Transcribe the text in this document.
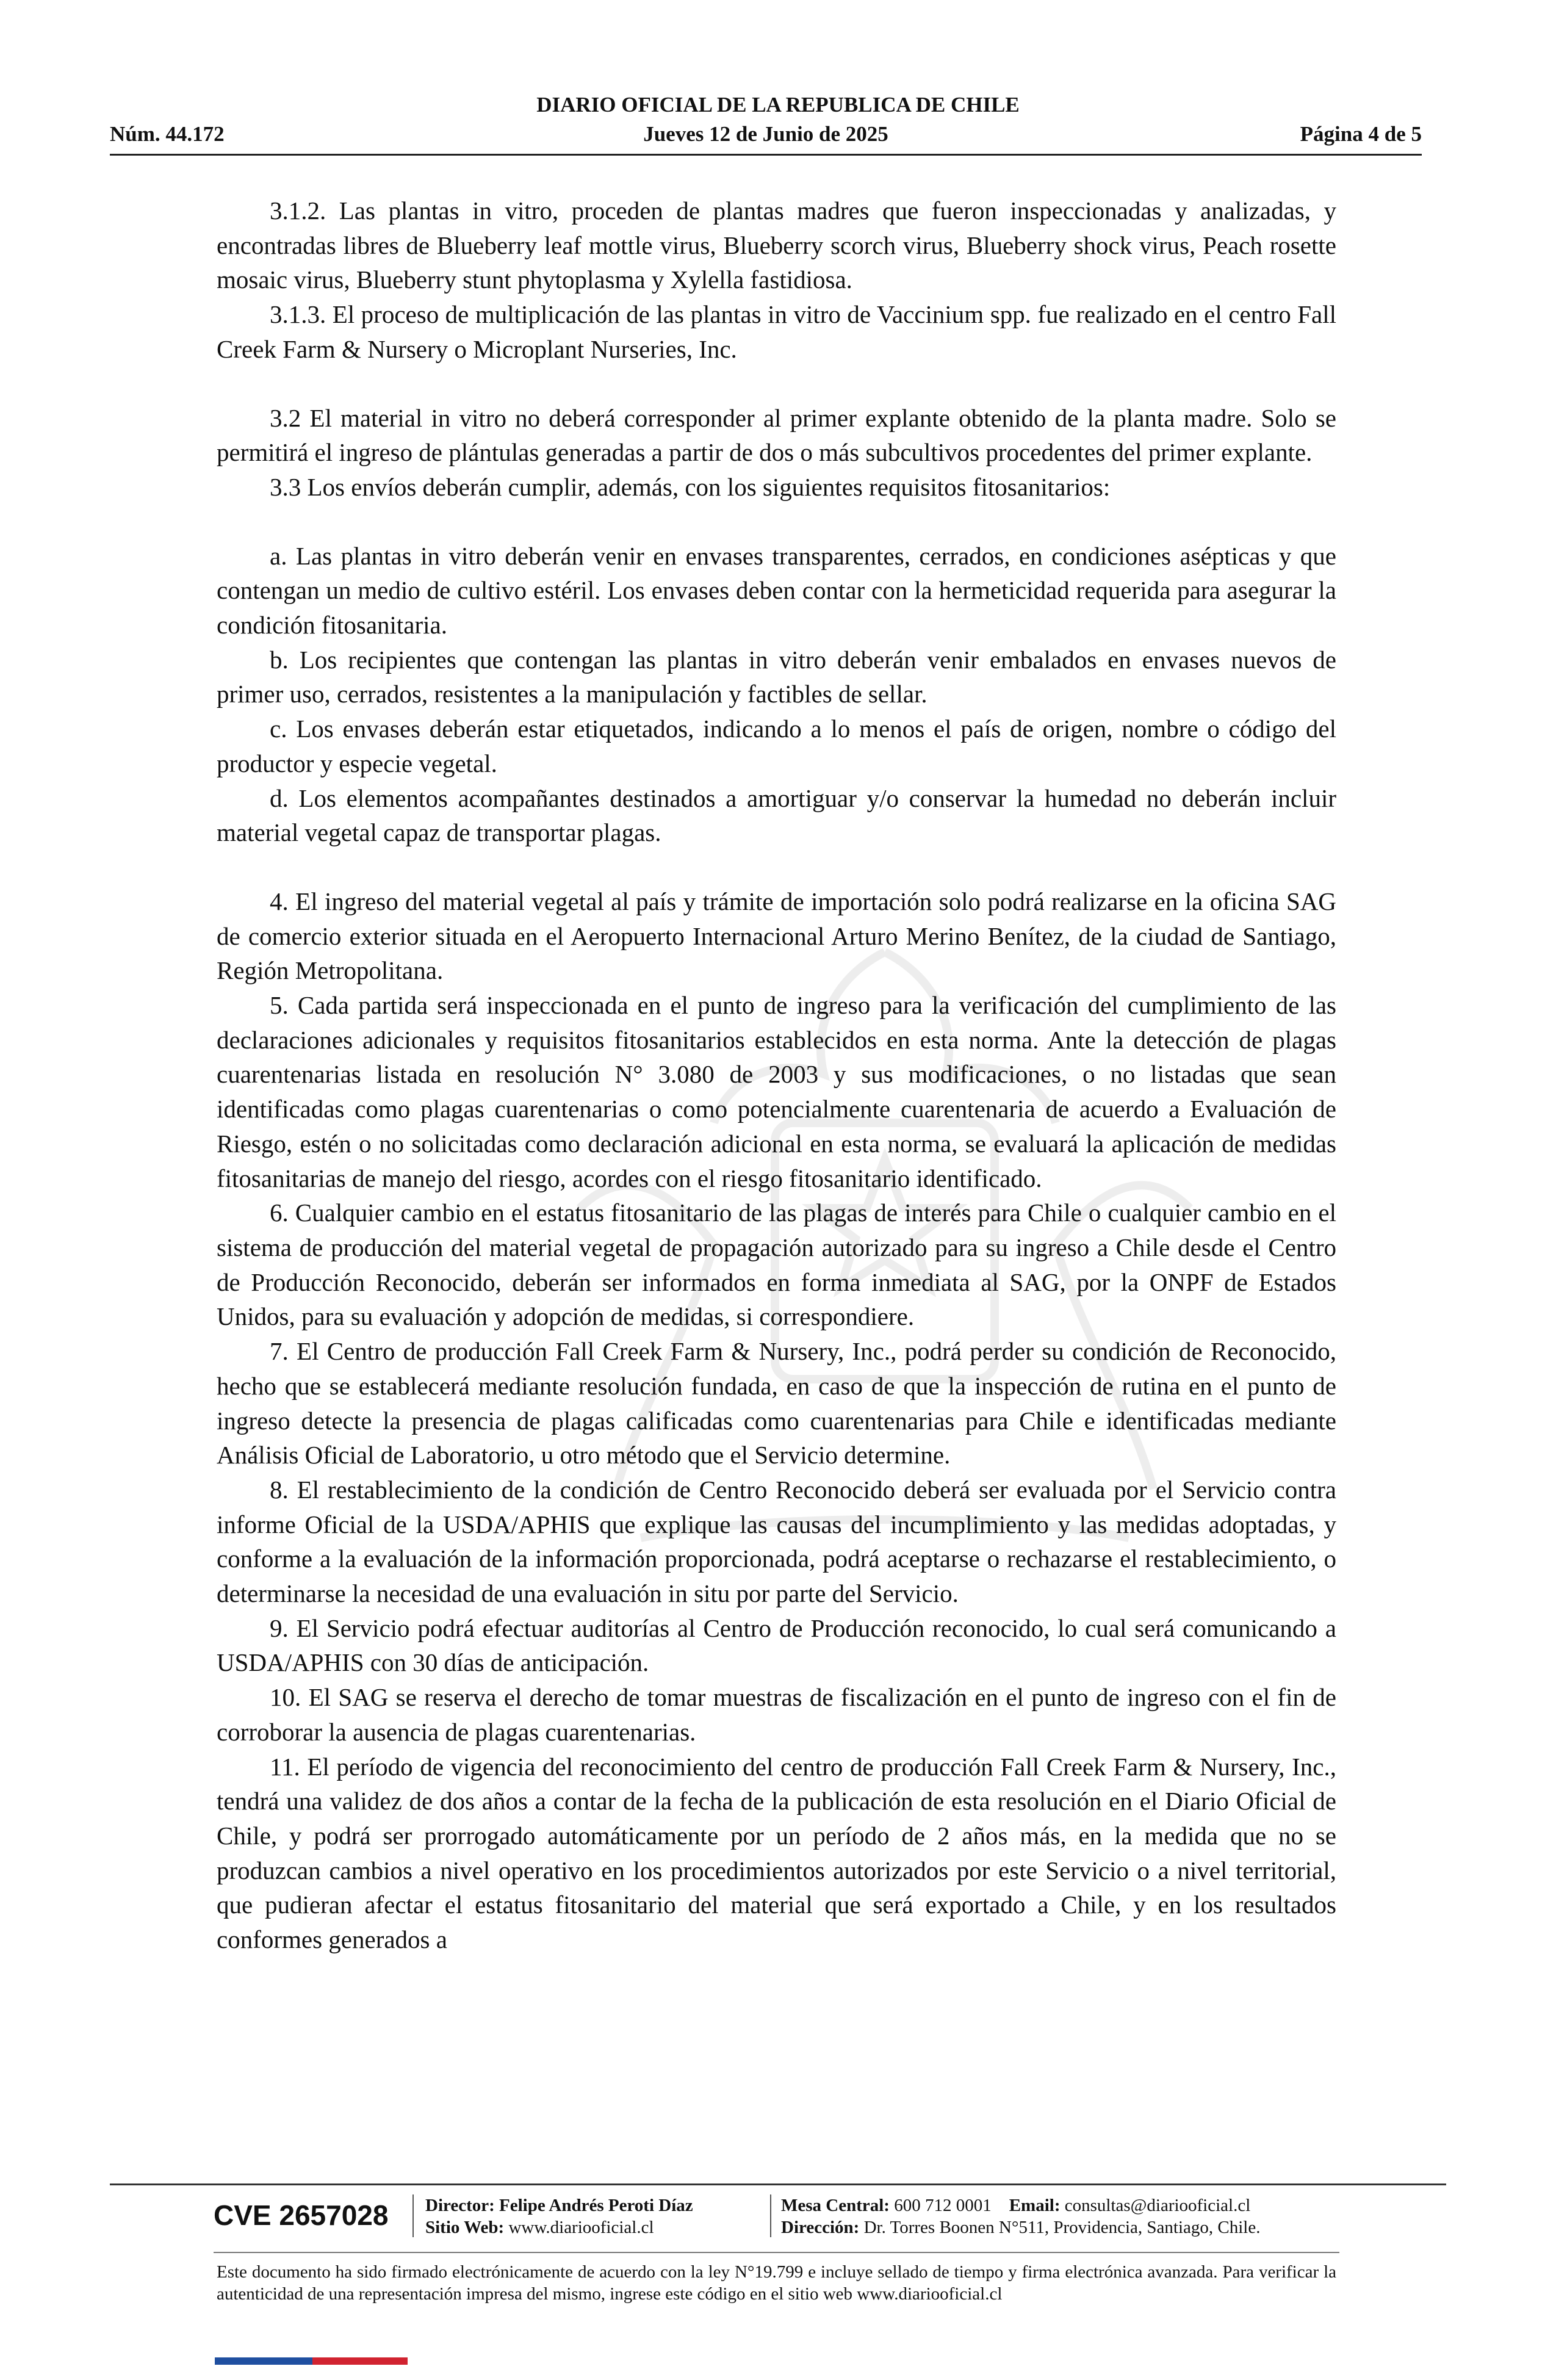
DIARIO OFICIAL DE LA REPUBLICA DE CHILE
Jueves 12 de Junio de 2025
Núm. 44.172	Página 4 de 5

3.1.2. Las plantas in vitro, proceden de plantas madres que fueron inspeccionadas y analizadas, y encontradas libres de Blueberry leaf mottle virus, Blueberry scorch virus, Blueberry shock virus, Peach rosette mosaic virus, Blueberry stunt phytoplasma y Xylella fastidiosa.

3.1.3. El proceso de multiplicación de las plantas in vitro de Vaccinium spp. fue realizado en el centro Fall Creek Farm & Nursery o Microplant Nurseries, Inc.

3.2 El material in vitro no deberá corresponder al primer explante obtenido de la planta madre. Solo se permitirá el ingreso de plántulas generadas a partir de dos o más subcultivos procedentes del primer explante.

3.3 Los envíos deberán cumplir, además, con los siguientes requisitos fitosanitarios:

a. Las plantas in vitro deberán venir en envases transparentes, cerrados, en condiciones asépticas y que contengan un medio de cultivo estéril. Los envases deben contar con la hermeticidad requerida para asegurar la condición fitosanitaria.

b. Los recipientes que contengan las plantas in vitro deberán venir embalados en envases nuevos de primer uso, cerrados, resistentes a la manipulación y factibles de sellar.

c. Los envases deberán estar etiquetados, indicando a lo menos el país de origen, nombre o código del productor y especie vegetal.

d. Los elementos acompañantes destinados a amortiguar y/o conservar la humedad no deberán incluir material vegetal capaz de transportar plagas.

4. El ingreso del material vegetal al país y trámite de importación solo podrá realizarse en la oficina SAG de comercio exterior situada en el Aeropuerto Internacional Arturo Merino Benítez, de la ciudad de Santiago, Región Metropolitana.

5. Cada partida será inspeccionada en el punto de ingreso para la verificación del cumplimiento de las declaraciones adicionales y requisitos fitosanitarios establecidos en esta norma. Ante la detección de plagas cuarentenarias listada en resolución N° 3.080 de 2003 y sus modificaciones, o no listadas que sean identificadas como plagas cuarentenarias o como potencialmente cuarentenaria de acuerdo a Evaluación de Riesgo, estén o no solicitadas como declaración adicional en esta norma, se evaluará la aplicación de medidas fitosanitarias de manejo del riesgo, acordes con el riesgo fitosanitario identificado.

6. Cualquier cambio en el estatus fitosanitario de las plagas de interés para Chile o cualquier cambio en el sistema de producción del material vegetal de propagación autorizado para su ingreso a Chile desde el Centro de Producción Reconocido, deberán ser informados en forma inmediata al SAG, por la ONPF de Estados Unidos, para su evaluación y adopción de medidas, si correspondiere.

7. El Centro de producción Fall Creek Farm & Nursery, Inc., podrá perder su condición de Reconocido, hecho que se establecerá mediante resolución fundada, en caso de que la inspección de rutina en el punto de ingreso detecte la presencia de plagas calificadas como cuarentenarias para Chile e identificadas mediante Análisis Oficial de Laboratorio, u otro método que el Servicio determine.

8. El restablecimiento de la condición de Centro Reconocido deberá ser evaluada por el Servicio contra informe Oficial de la USDA/APHIS que explique las causas del incumplimiento y las medidas adoptadas, y conforme a la evaluación de la información proporcionada, podrá aceptarse o rechazarse el restablecimiento, o determinarse la necesidad de una evaluación in situ por parte del Servicio.

9. El Servicio podrá efectuar auditorías al Centro de Producción reconocido, lo cual será comunicando a USDA/APHIS con 30 días de anticipación.

10. El SAG se reserva el derecho de tomar muestras de fiscalización en el punto de ingreso con el fin de corroborar la ausencia de plagas cuarentenarias.

11. El período de vigencia del reconocimiento del centro de producción Fall Creek Farm & Nursery, Inc., tendrá una validez de dos años a contar de la fecha de la publicación de esta resolución en el Diario Oficial de Chile, y podrá ser prorrogado automáticamente por un período de 2 años más, en la medida que no se produzcan cambios a nivel operativo en los procedimientos autorizados por este Servicio o a nivel territorial, que pudieran afectar el estatus fitosanitario del material que será exportado a Chile, y en los resultados conformes generados a

CVE 2657028	Director: Felipe Andrés Peroti Díaz
Sitio Web: www.diariooficial.cl
Mesa Central: 600 712 0001 Email: consultas@diariooficial.cl
Dirección: Dr. Torres Boonen N°511, Providencia, Santiago, Chile.
Este documento ha sido firmado electrónicamente de acuerdo con la ley N°19.799 e incluye sellado de tiempo y firma electrónica avanzada. Para verificar la autenticidad de una representación impresa del mismo, ingrese este código en el sitio web www.diariooficial.cl
